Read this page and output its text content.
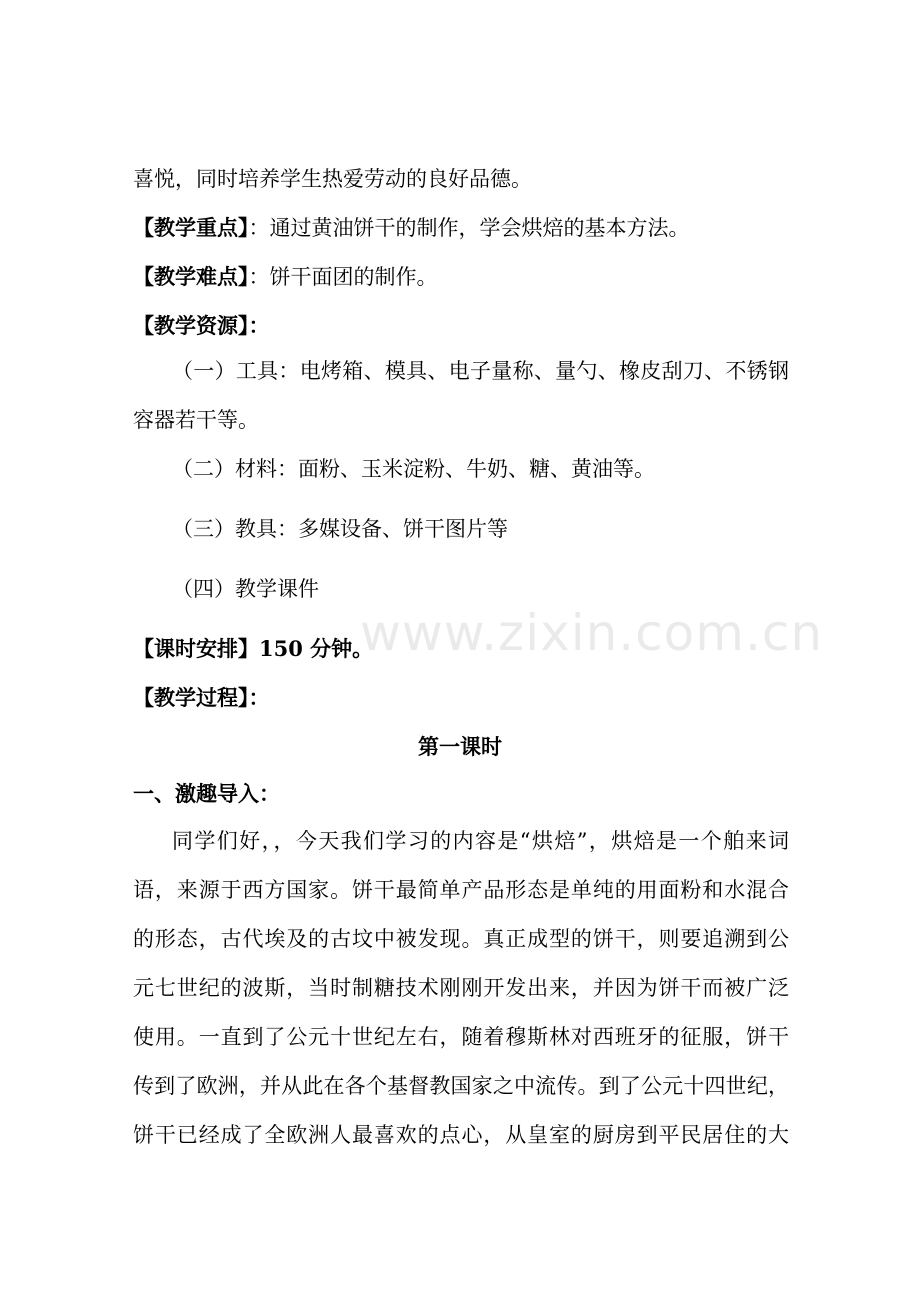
喜悦，同时培养学生热爱劳动的良好品德。
【教学重点】：通过黄油饼干的制作，学会烘焙的基本方法。
【教学难点】：饼干面团的制作。
【教学资源】：
（一）工具：电烤箱、模具、电子量称、量勺、橡皮刮刀、不锈钢
容器若干等。
（二）材料：面粉、玉米淀粉、牛奶、糖、黄油等。
（三）教具：多媒设备、饼干图片等
（四）教学课件
【课时安排】150 分钟。
【教学过程】：
第一课时
一、激趣导入：
同学们好，，今天我们学习的内容是“烘焙”，烘焙是一个舶来词
语，来源于西方国家。饼干最简单产品形态是单纯的用面粉和水混合
的形态，古代埃及的古坟中被发现。真正成型的饼干，则要追溯到公
元七世纪的波斯，当时制糖技术刚刚开发出来，并因为饼干而被广泛
使用。一直到了公元十世纪左右，随着穆斯林对西班牙的征服，饼干
传到了欧洲，并从此在各个基督教国家之中流传。到了公元十四世纪，
饼干已经成了全欧洲人最喜欢的点心，从皇室的厨房到平民居住的大
www.zixin.com.cn
